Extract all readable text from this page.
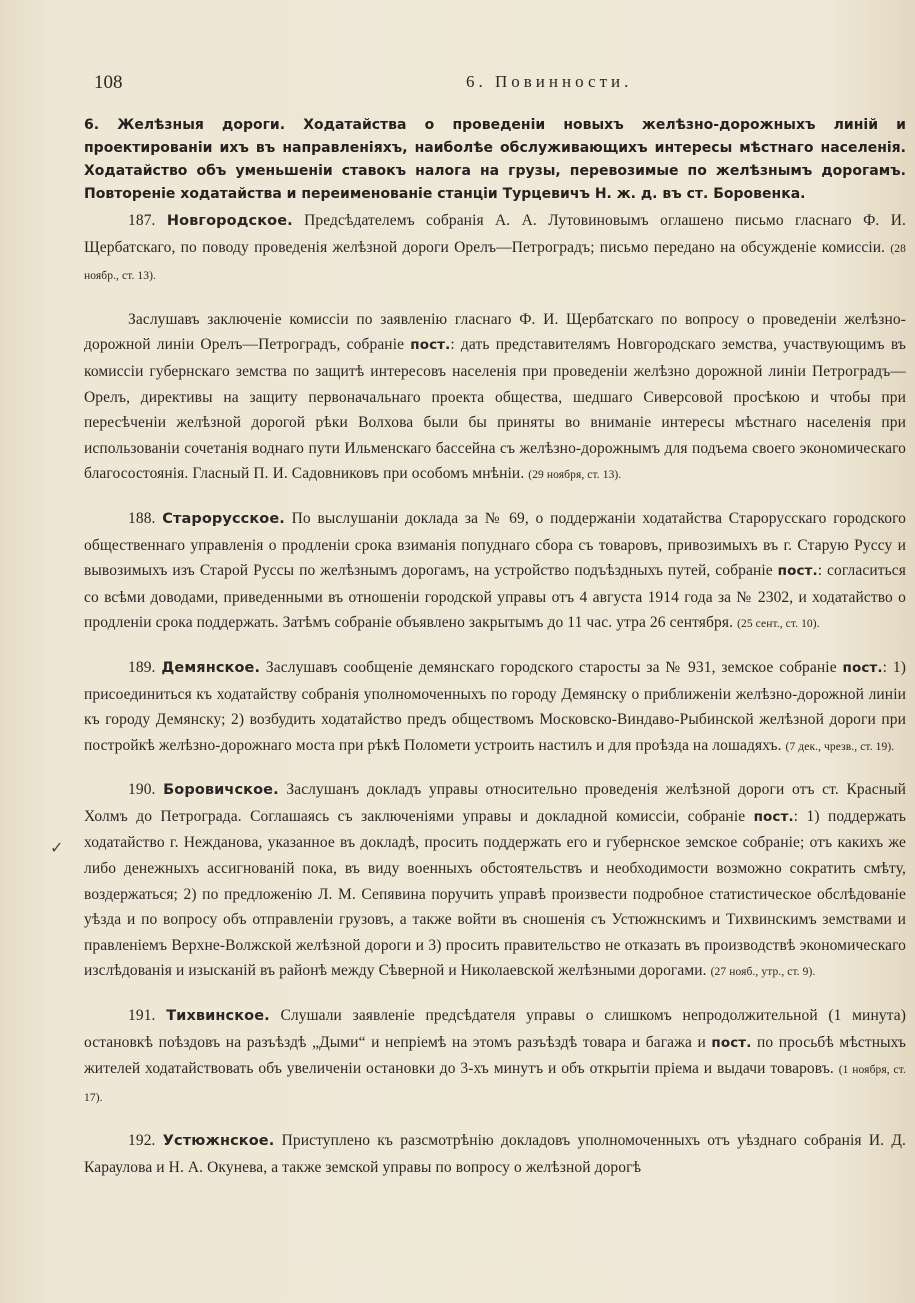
108	6. Повинности.
6. Желѣзныя дороги. Ходатайства о проведеніи новыхъ желѣзно-дорожныхъ линій и проектированіи ихъ въ направленіяхъ, наиболѣе обслуживающихъ интересы мѣстнаго населенія. Ходатайство объ уменьшеніи ставокъ налога на грузы, перевозимые по желѣзнымъ дорогамъ. Повтореніе ходатайства и переименованіе станціи Турцевичъ Н. ж. д. въ ст. Боровенка.
✓

187. Новгородское. Предсѣдателемъ собранія А. А. Лутовиновымъ оглашено письмо гласнаго Ф. И. Щербатскаго, по поводу проведенія желѣзной дороги Орелъ—Петроградъ; письмо передано на обсужденіе комиссіи. (28 ноябр., ст. 13).

Заслушавъ заключеніе комиссіи по заявленію гласнаго Ф. И. Щербатскаго по вопросу о проведеніи желѣзно-дорожной линіи Орелъ—Петроградъ, собраніе пост.: дать представителямъ Новгородскаго земства, участвующимъ въ комиссіи губернскаго земства по защитѣ интересовъ населенія при проведеніи желѣзно дорожной линіи Петроградъ—Орелъ, директивы на защиту первоначальнаго проекта общества, шедшаго Сиверсовой просѣкою и чтобы при пересѣченіи желѣзной дорогой рѣки Волхова были бы приняты во вниманіе интересы мѣстнаго населенія при использованіи сочетанія воднаго пути Ильменскаго бассейна съ желѣзно-дорожнымъ для подъема своего экономическаго благосостоянія. Гласный П. И. Садовниковъ при особомъ мнѣніи. (29 ноября, ст. 13).

188. Старорусское. По выслушаніи доклада за № 69, о поддержаніи ходатайства Старорусскаго городского общественнаго управленія о продленіи срока взиманія попуднаго сбора съ товаровъ, привозимыхъ въ г. Старую Руссу и вывозимыхъ изъ Старой Руссы по желѣзнымъ дорогамъ, на устройство подъѣздныхъ путей, собраніе пост.: согласиться со всѣми доводами, приведенными въ отношеніи городской управы отъ 4 августа 1914 года за № 2302, и ходатайство о продленіи срока поддержать. Затѣмъ собраніе объявлено закрытымъ до 11 час. утра 26 сентября. (25 сент., ст. 10).

189. Демянское. Заслушавъ сообщеніе демянскаго городского старосты за № 931, земское собраніе пост.: 1) присоединиться къ ходатайству собранія уполномоченныхъ по городу Демянску о приближеніи желѣзно-дорожной линіи къ городу Демянску; 2) возбудить ходатайство предъ обществомъ Московско-Виндаво-Рыбинской желѣзной дороги при постройкѣ желѣзно-дорожнаго моста при рѣкѣ Поломети устроить настилъ и для проѣзда на лошадяхъ. (7 дек., чрезв., ст. 19).

190. Боровичское. Заслушанъ докладъ управы относительно проведенія желѣзной дороги отъ ст. Красный Холмъ до Петрограда. Соглашаясь съ заключеніями управы и докладной комиссіи, собраніе пост.: 1) поддержать ходатайство г. Неждановa, указанное въ докладѣ, просить поддержать его и губернское земское собраніе; отъ какихъ же либо денежныхъ ассигнованій пока, въ виду военныхъ обстоятельствъ и необходимости возможно сократить смѣту, воздержаться; 2) по предложенію Л. М. Сепявина поручить управѣ произвести подробное статистическое обслѣдованіе уѣзда и по вопросу объ отправленіи грузовъ, а также войти въ сношенія съ Устюжнскимъ и Тихвинскимъ земствами и правленіемъ Верхне-Волжской желѣзной дороги и 3) просить правительство не отказать въ производствѣ экономическаго изслѣдованія и изысканій въ районѣ между Сѣверной и Николаевской желѣзными дорогами. (27 нояб., утр., ст. 9).

191. Тихвинское. Слушали заявленіе предсѣдателя управы о слишкомъ непродолжительной (1 минута) остановкѣ поѣздовъ на разъѣздѣ „Дыми“ и непріемѣ на этомъ разъѣздѣ товара и багажа и пост. по просьбѣ мѣстныхъ жителей ходатайствовать объ увеличеніи остановки до 3-хъ минутъ и объ открытіи пріема и выдачи товаровъ. (1 ноября, ст. 17).

192. Устюжнское. Приступлено къ разсмотрѣнію докладовъ уполномоченныхъ отъ уѣзднаго собранія И. Д. Караулова и Н. А. Окунева, а также земской управы по вопросу о желѣзной дорогѣ
